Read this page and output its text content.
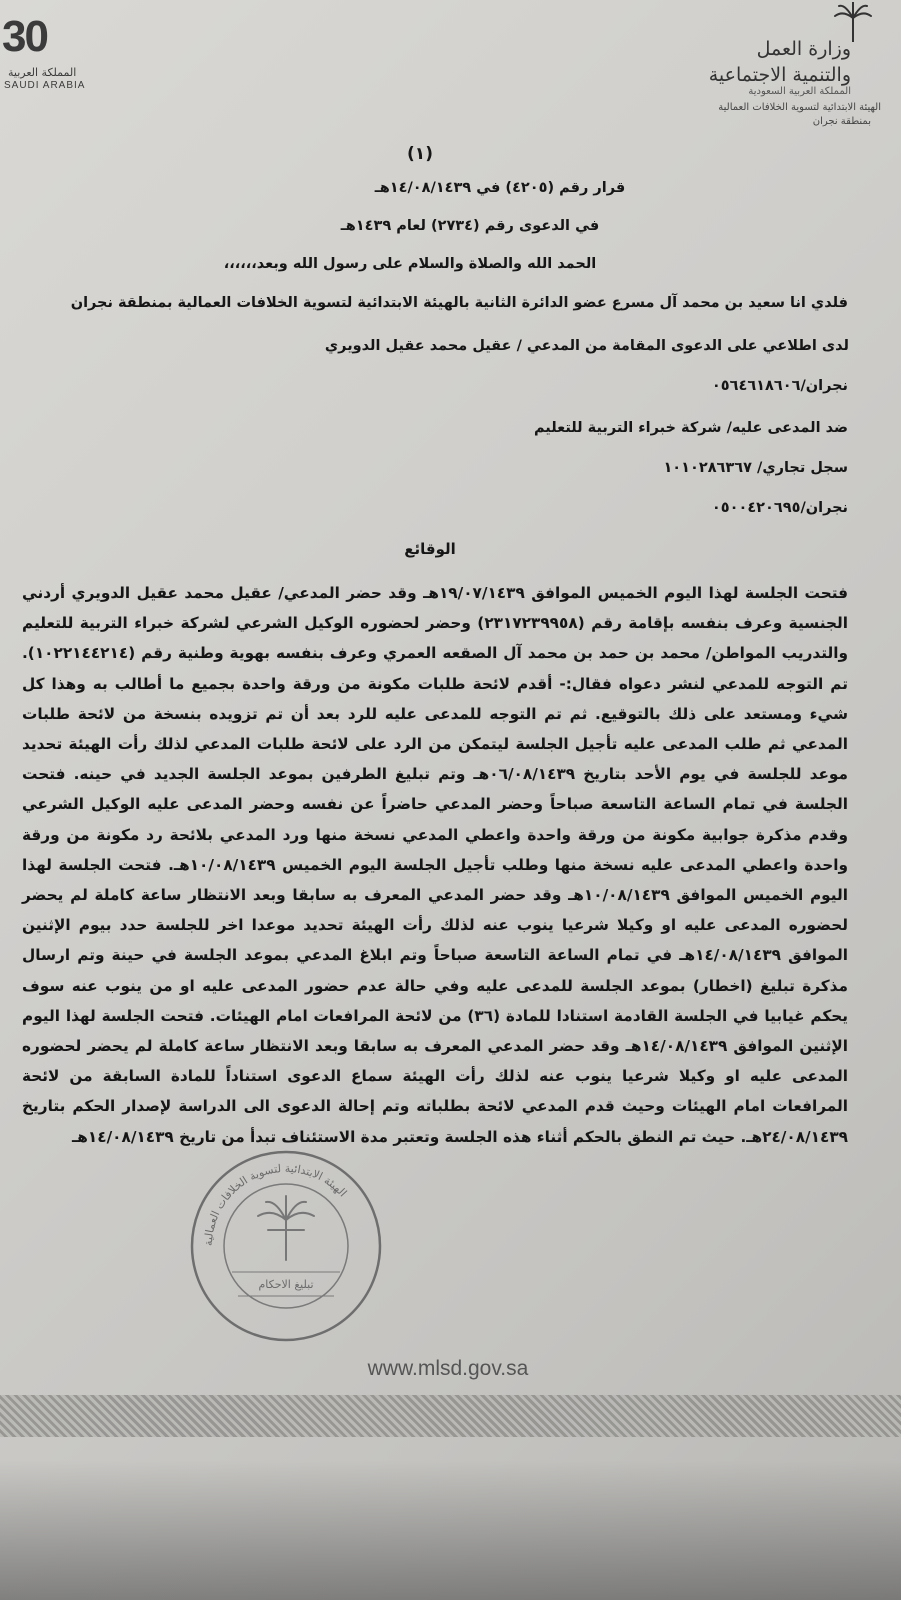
30
المملكة العربية
SAUDI ARABIA
وزارة العمل
والتنمية الاجتماعية
المملكة العربية السعودية
الهيئة الابتدائية لتسوية الخلافات العمالية
بمنطقة نجران
(١)
قرار رقم (٤٢٠٥) في ١٤/٠٨/١٤٣٩هـ
في الدعوى رقم (٢٧٣٤) لعام ١٤٣٩هـ
الحمد الله والصلاة والسلام على رسول الله وبعد،،،،،،
فلدي انا سعيد بن محمد آل مسرع عضو الدائرة الثانية بالهيئة الابتدائية لتسوية الخلافات العمالية بمنطقة نجران
لدى اطلاعي على الدعوى المقامة من المدعي / عقيل محمد عقيل الدويري
نجران/٠٥٦٤٦١٨٦٠٦
ضد المدعى عليه/ شركة خبراء التربية للتعليم
سجل تجاري/ ١٠١٠٢٨٦٣٦٧
نجران/٠٥٠٠٤٢٠٦٩٥
الوقائع
فتحت الجلسة لهذا اليوم الخميس الموافق ١٩/٠٧/١٤٣٩هـ وقد حضر المدعي/ عقيل محمد عقيل الدويري أردني الجنسية وعرف بنفسه بإقامة رقم (٢٣١٧٢٣٩٩٥٨) وحضر لحضوره الوكيل الشرعي لشركة خبراء التربية للتعليم والتدريب المواطن/ محمد بن حمد بن محمد آل الصقعه العمري وعرف بنفسه بهوية وطنية رقم (١٠٢٢١٤٤٢١٤). تم التوجه للمدعي لنشر دعواه فقال:- أقدم لائحة طلبات مكونة من ورقة واحدة بجميع ما أطالب به وهذا كل شيء ومستعد على ذلك بالتوقيع. ثم تم التوجه للمدعى عليه للرد بعد أن تم تزويده بنسخة من لائحة طلبات المدعي ثم طلب المدعى عليه تأجيل الجلسة ليتمكن من الرد على لائحة طلبات المدعي لذلك رأت الهيئة تحديد موعد للجلسة في يوم الأحد بتاريخ ٠٦/٠٨/١٤٣٩هـ وتم تبليغ الطرفين بموعد الجلسة الجديد في حينه. فتحت الجلسة في تمام الساعة التاسعة صباحاً وحضر المدعي حاضراً عن نفسه وحضر المدعى عليه الوكيل الشرعي وقدم مذكرة جوابية مكونة من ورقة واحدة واعطي المدعي نسخة منها ورد المدعي بلائحة رد مكونة من ورقة واحدة واعطي المدعى عليه نسخة منها وطلب تأجيل الجلسة اليوم الخميس ١٠/٠٨/١٤٣٩هـ. فتحت الجلسة لهذا اليوم الخميس الموافق ١٠/٠٨/١٤٣٩هـ وقد حضر المدعي المعرف به سابقا وبعد الانتظار ساعة كاملة لم يحضر لحضوره المدعى عليه او وكيلا شرعيا ينوب عنه لذلك رأت الهيئة تحديد موعدا اخر للجلسة حدد بيوم الإثنين الموافق ١٤/٠٨/١٤٣٩هـ في تمام الساعة التاسعة صباحاً وتم ابلاغ المدعي بموعد الجلسة في حينة وتم ارسال مذكرة تبليغ (اخطار) بموعد الجلسة للمدعى عليه وفي حالة عدم حضور المدعى عليه او من ينوب عنه سوف يحكم غيابيا في الجلسة القادمة استنادا للمادة (٣٦) من لائحة المرافعات امام الهيئات. فتحت الجلسة لهذا اليوم الإثنين الموافق ١٤/٠٨/١٤٣٩هـ وقد حضر المدعي المعرف به سابقا وبعد الانتظار ساعة كاملة لم يحضر لحضوره المدعى عليه او وكيلا شرعيا ينوب عنه لذلك رأت الهيئة سماع الدعوى استناداً للمادة السابقة من لائحة المرافعات امام الهيئات وحيث قدم المدعي لائحة بطلباته وتم إحالة الدعوى الى الدراسة لإصدار الحكم بتاريخ ٢٤/٠٨/١٤٣٩هـ. حيث تم النطق بالحكم أثناء هذه الجلسة وتعتبر مدة الاستئناف تبدأ من تاريخ ١٤/٠٨/١٤٣٩هـ
الهيئة الابتدائية لتسوية الخلافات العمالية
تبليغ الاحكام
www.mlsd.gov.sa
